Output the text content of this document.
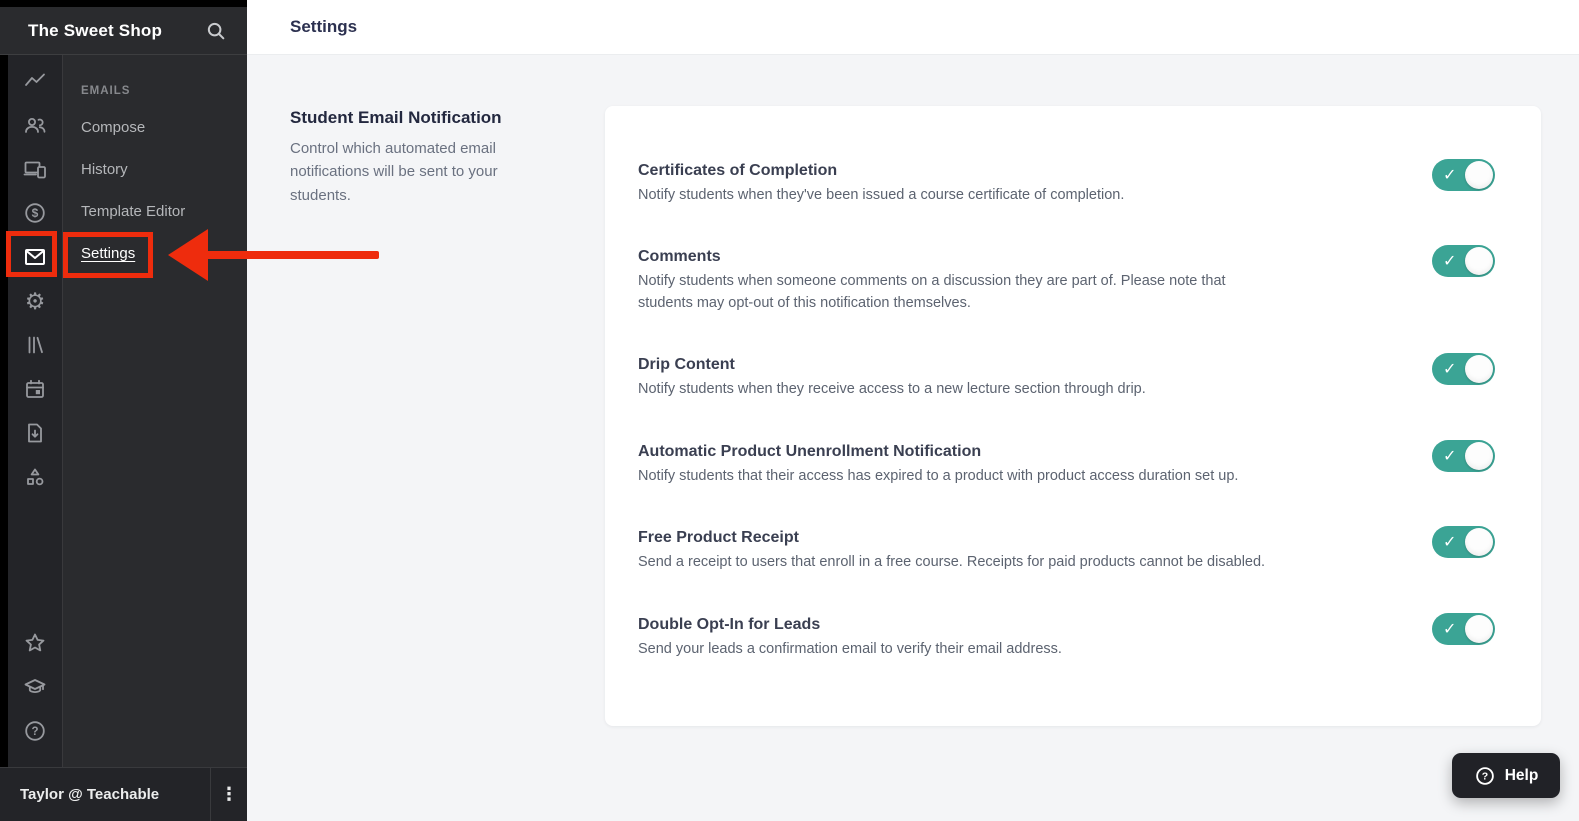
The Sweet Shop
$
⚙
?
EMAILS
Compose
History
Template Editor
Settings
Taylor @ Teachable	⋮
Settings
Student Email Notification
Control which automated email notifications will be sent to your students.
Certificates of Completion
Notify students when they've been issued a course certificate of completion.
✓
Comments
Notify students when someone comments on a discussion they are part of. Please note that students may opt-out of this notification themselves.
✓
Drip Content
Notify students when they receive access to a new lecture section through drip.
✓
Automatic Product Unenrollment Notification
Notify students that their access has expired to a product with product access duration set up.
✓
Free Product Receipt
Send a receipt to users that enroll in a free course. Receipts for paid products cannot be disabled.
✓
Double Opt-In for Leads
Send your leads a confirmation email to verify their email address.
✓
? Help
